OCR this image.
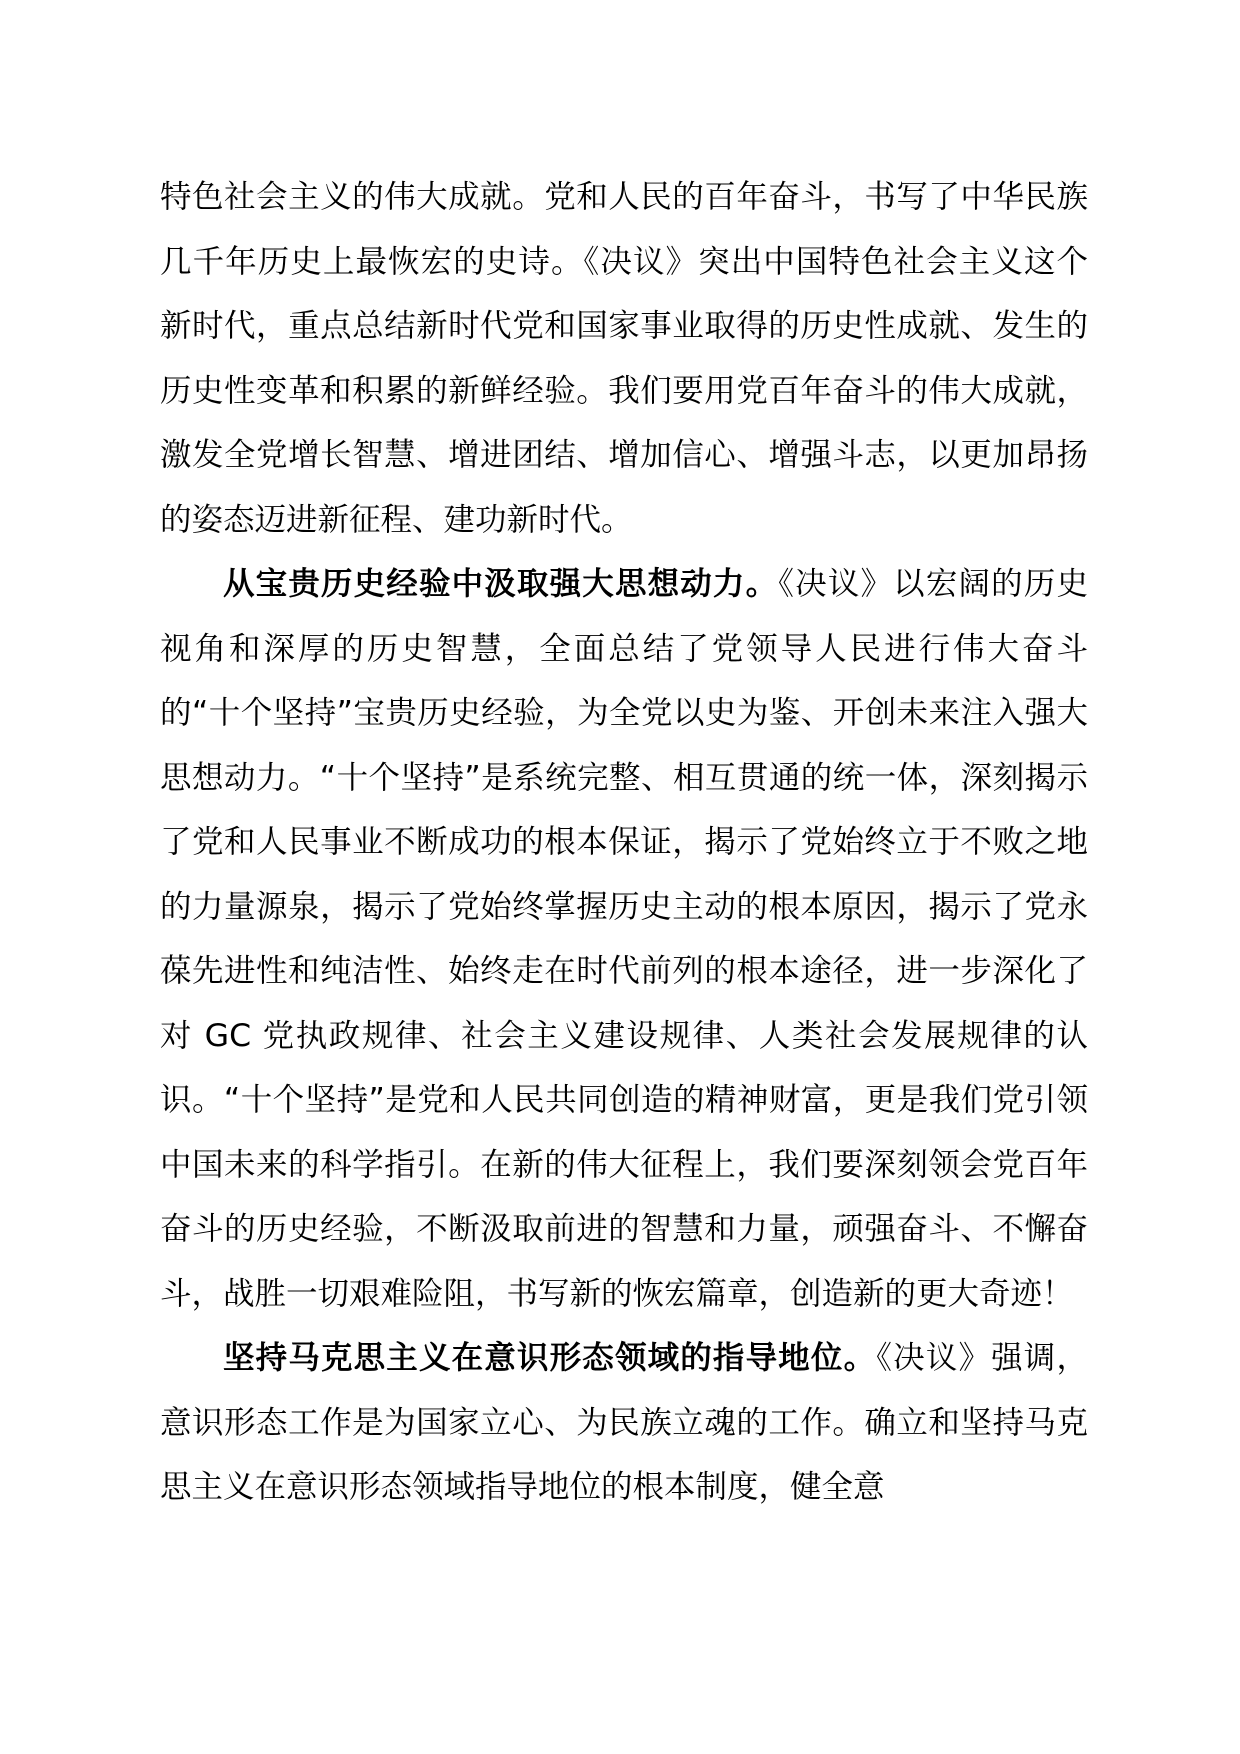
特色社会主义的伟大成就。党和人民的百年奋斗，书写了中华民族几千年历史上最恢宏的史诗。《决议》突出中国特色社会主义这个新时代，重点总结新时代党和国家事业取得的历史性成就、发生的历史性变革和积累的新鲜经验。我们要用党百年奋斗的伟大成就，激发全党增长智慧、增进团结、增加信心、增强斗志，以更加昂扬的姿态迈进新征程、建功新时代。

从宝贵历史经验中汲取强大思想动力。《决议》以宏阔的历史视角和深厚的历史智慧，全面总结了党领导人民进行伟大奋斗的“十个坚持”宝贵历史经验，为全党以史为鉴、开创未来注入强大思想动力。“十个坚持”是系统完整、相互贯通的统一体，深刻揭示了党和人民事业不断成功的根本保证，揭示了党始终立于不败之地的力量源泉，揭示了党始终掌握历史主动的根本原因，揭示了党永葆先进性和纯洁性、始终走在时代前列的根本途径，进一步深化了对 GC 党执政规律、社会主义建设规律、人类社会发展规律的认识。“十个坚持”是党和人民共同创造的精神财富，更是我们党引领中国未来的科学指引。在新的伟大征程上，我们要深刻领会党百年奋斗的历史经验，不断汲取前进的智慧和力量，顽强奋斗、不懈奋斗，战胜一切艰难险阻，书写新的恢宏篇章，创造新的更大奇迹！

坚持马克思主义在意识形态领域的指导地位。《决议》强调，意识形态工作是为国家立心、为民族立魂的工作。确立和坚持马克思主义在意识形态领域指导地位的根本制度，健全意
